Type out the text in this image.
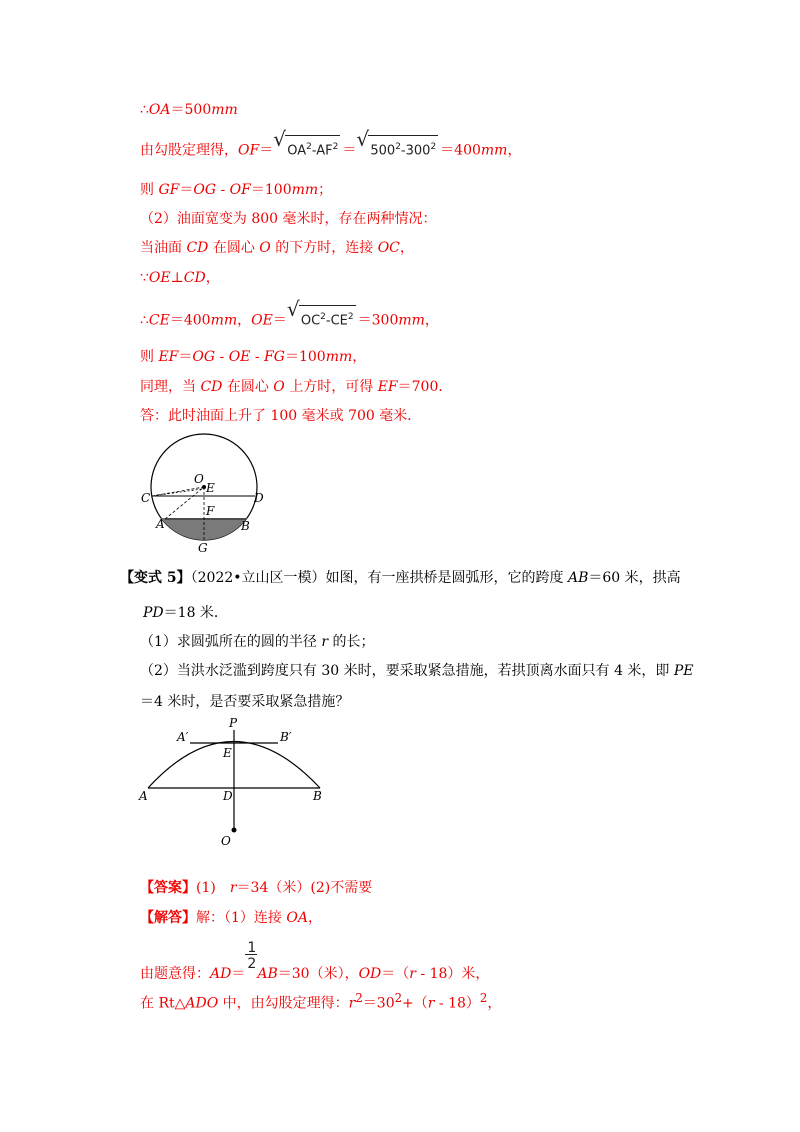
∴OA＝500mm
由勾股定理得，OF＝ √ $OA^2-AF^2$ ＝ √ $500^2-300^2 =400mm$，
则 GF＝OG - OF＝100mm；
（2）油面宽变为 800 毫米时，存在两种情况：
当油面 CD 在圆心 O 的下方时，连接 OC，
∵OE⊥CD，
∴CE＝400mm，OE＝ √ $OC^2-CE^2 =300mm$，
则 EF＝OG - OE - FG＝100mm，
同理，当 CD 在圆心 O 上方时，可得 EF＝700．
答：此时油面上升了 100 毫米或 700 毫米．
O
E
C	D
F
A	B
G
【变式 5】（2022•立山区一模）如图，有一座拱桥是圆弧形，它的跨度 AB＝60 米，拱高
PD＝18 米．
（1）求圆弧所在的圆的半径 r 的长；
（2）当洪水泛滥到跨度只有 30 米时，要采取紧急措施，若拱顶离水面只有 4 米，即 PE
＝4 米时，是否要采取紧急措施？
P
A′	B′
E
A	D	B
O
【答案】(1)　r＝34（米）(2)不需要
【解答】解：（1）连接 OA，
由题意得：$AD= \frac{1}{2} AB=30$（米），OD＝（r - 18）米，
在 Rt△ADO 中，由勾股定理得：$r^2=30^2+(r - 18)^2$，
